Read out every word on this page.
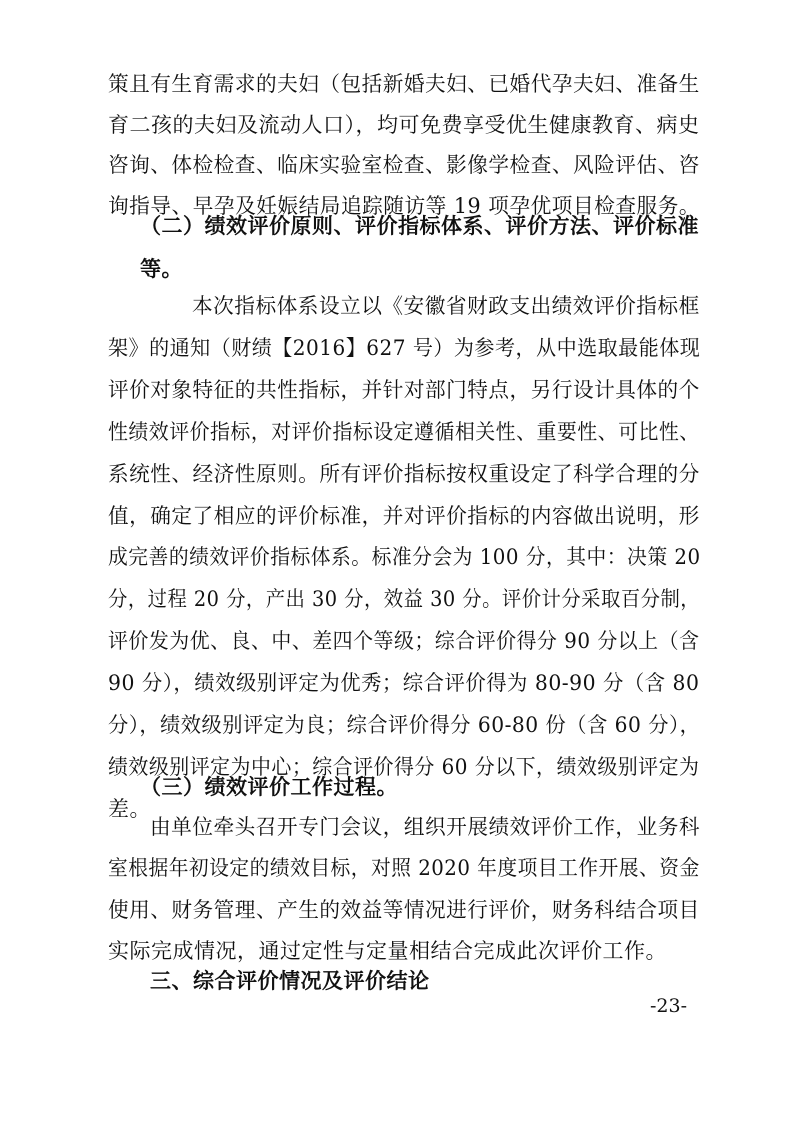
策且有生育需求的夫妇（包括新婚夫妇、已婚代孕夫妇、准备生
育二孩的夫妇及流动人口），均可免费享受优生健康教育、病史
咨询、体检检查、临床实验室检查、影像学检查、风险评估、咨
询指导、早孕及妊娠结局追踪随访等 19 项孕优项目检查服务。
（二）绩效评价原则、评价指标体系、评价方法、评价标准
等。
本次指标体系设立以《安徽省财政支出绩效评价指标框
架》的通知（财绩【2016】627 号）为参考，从中选取最能体现
评价对象特征的共性指标，并针对部门特点，另行设计具体的个
性绩效评价指标，对评价指标设定遵循相关性、重要性、可比性、
系统性、经济性原则。所有评价指标按权重设定了科学合理的分
值，确定了相应的评价标准，并对评价指标的内容做出说明，形
成完善的绩效评价指标体系。标准分会为 100 分，其中：决策 20
分，过程 20 分，产出 30 分，效益 30 分。评价计分采取百分制，
评价发为优、良、中、差四个等级；综合评价得分 90 分以上（含
90 分），绩效级别评定为优秀；综合评价得为 80-90 分（含 80
分），绩效级别评定为良；综合评价得分 60-80 份（含 60 分），
绩效级别评定为中心；综合评价得分 60 分以下，绩效级别评定为
差。
（三）绩效评价工作过程。
由单位牵头召开专门会议，组织开展绩效评价工作，业务科
室根据年初设定的绩效目标，对照 2020 年度项目工作开展、资金
使用、财务管理、产生的效益等情况进行评价，财务科结合项目
实际完成情况，通过定性与定量相结合完成此次评价工作。
三、综合评价情况及评价结论
-23-
